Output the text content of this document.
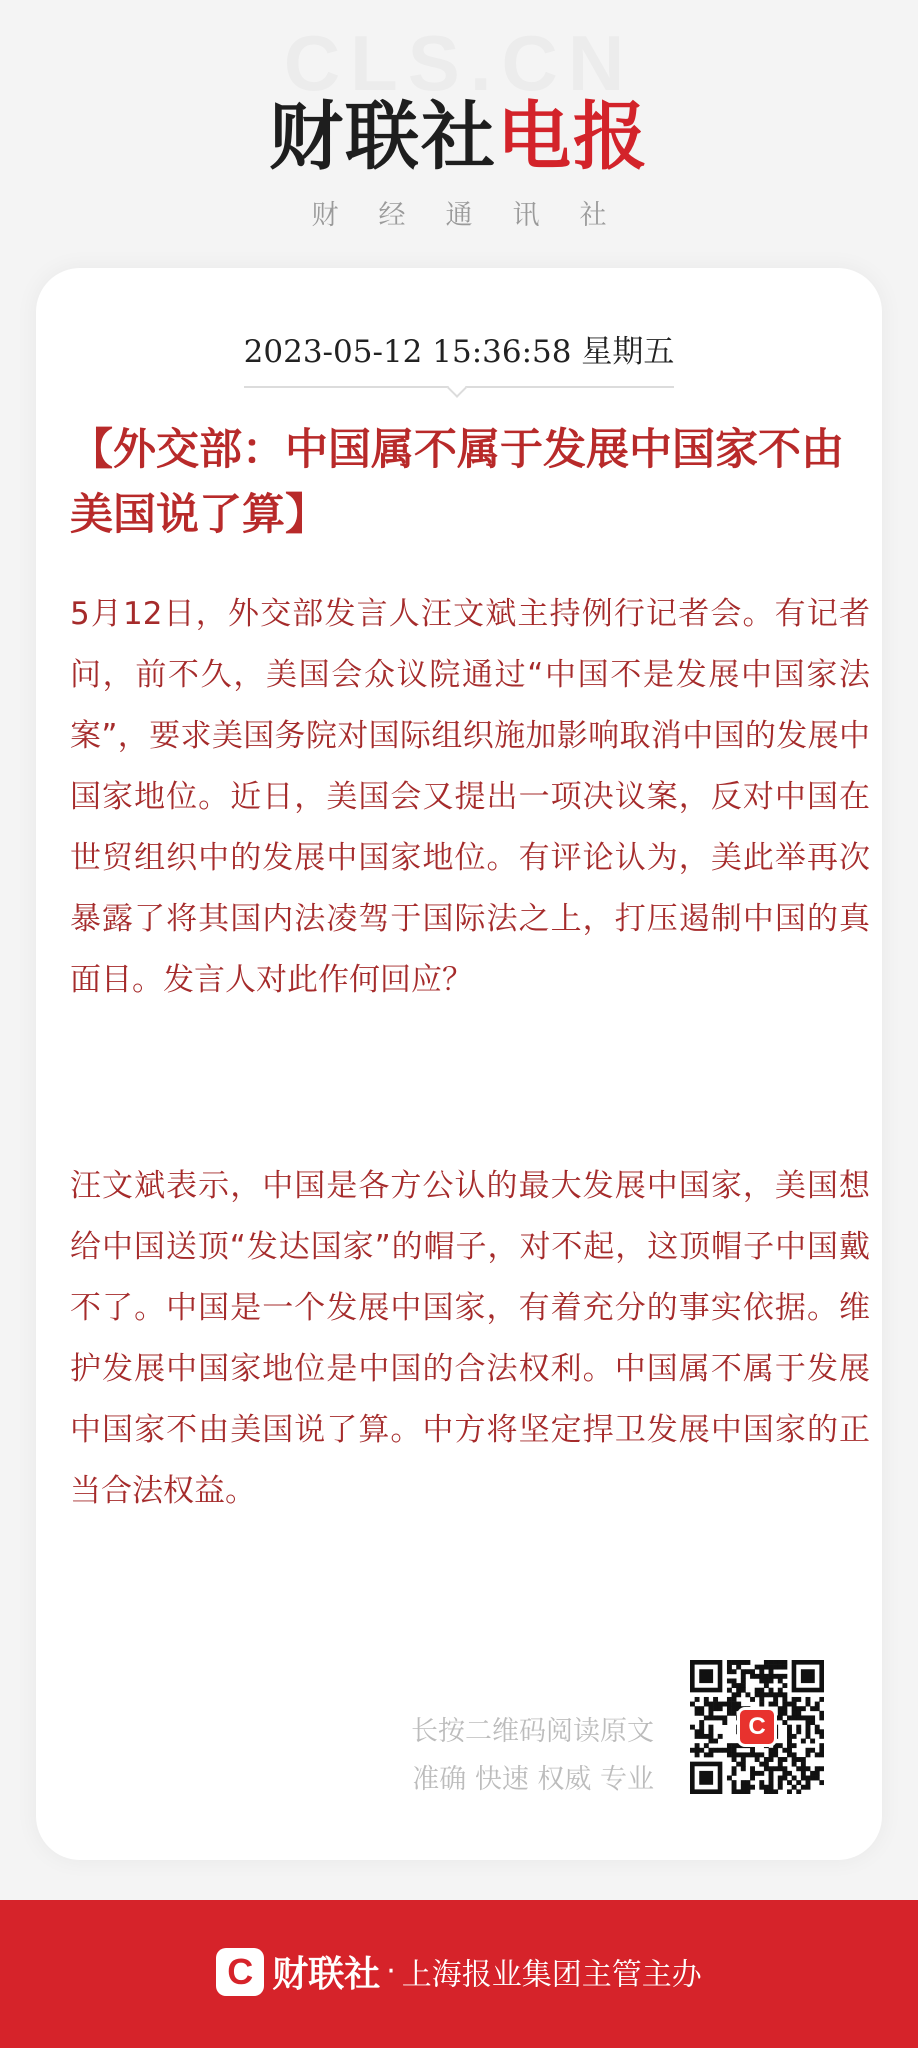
CLS.CN
财联社电报
财经通讯社
2023-05-12 15:36:58 星期五
【外交部：中国属不属于发展中国家不由美国说了算】
5月12日，外交部发言人汪文斌主持例行记者会。有记者问，前不久，美国会众议院通过“中国不是发展中国家法案”，要求美国务院对国际组织施加影响取消中国的发展中国家地位。近日，美国会又提出一项决议案，反对中国在世贸组织中的发展中国家地位。有评论认为，美此举再次暴露了将其国内法凌驾于国际法之上，打压遏制中国的真面目。发言人对此作何回应？
汪文斌表示，中国是各方公认的最大发展中国家，美国想给中国送顶“发达国家”的帽子，对不起，这顶帽子中国戴不了。中国是一个发展中国家，有着充分的事实依据。维护发展中国家地位是中国的合法权利。中国属不属于发展中国家不由美国说了算。中方将坚定捍卫发展中国家的正当合法权益。
长按二维码阅读原文
准确 快速 权威 专业
C
C 财联社 · 上海报业集团主管主办
